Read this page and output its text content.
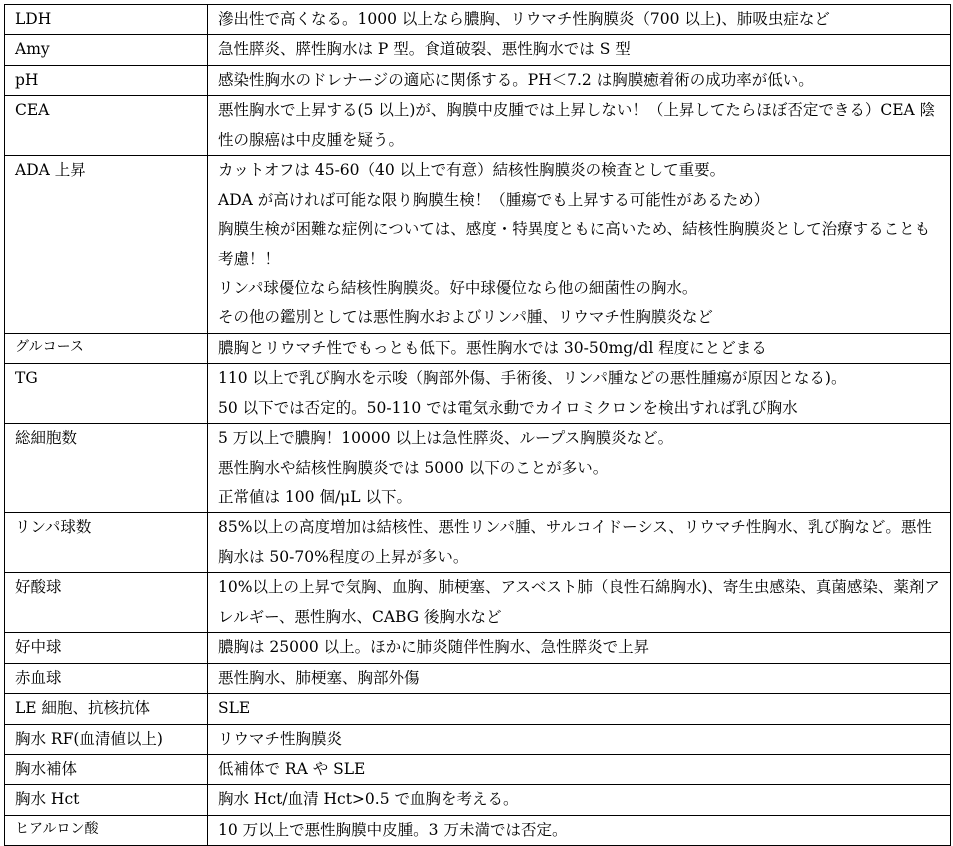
LDH	滲出性で高くなる。1000 以上なら膿胸、リウマチ性胸膜炎（700 以上)、肺吸虫症など

Amy	急性膵炎、膵性胸水は P 型。食道破裂、悪性胸水では S 型

pH	感染性胸水のドレナージの適応に関係する。PH＜7.2 は胸膜癒着術の成功率が低い。

CEA	悪性胸水で上昇する(5 以上)が、胸膜中皮腫では上昇しない！（上昇してたらほぼ否定できる）CEA 陰性の腺癌は中皮腫を疑う。

ADA 上昇	カットオフは 45-60（40 以上で有意）結核性胸膜炎の検査として重要。
ADA が高ければ可能な限り胸膜生検！（腫瘍でも上昇する可能性があるため）
胸膜生検が困難な症例については、感度・特異度ともに高いため、結核性胸膜炎として治療することも考慮！！
リンパ球優位なら結核性胸膜炎。好中球優位なら他の細菌性の胸水。
その他の鑑別としては悪性胸水およびリンパ腫、リウマチ性胸膜炎など

グルコース	膿胸とリウマチ性でもっとも低下。悪性胸水では 30-50mg/dl 程度にとどまる

TG	110 以上で乳び胸水を示唆（胸部外傷、手術後、リンパ腫などの悪性腫瘍が原因となる)。
50 以下では否定的。50-110 では電気永動でカイロミクロンを検出すれば乳び胸水

総細胞数	5 万以上で膿胸！10000 以上は急性膵炎、ループス胸膜炎など。
悪性胸水や結核性胸膜炎では 5000 以下のことが多い。
正常値は 100 個/μL 以下。

リンパ球数	85%以上の高度増加は結核性、悪性リンパ腫、サルコイドーシス、リウマチ性胸水、乳び胸など。悪性胸水は 50-70%程度の上昇が多い。

好酸球	10%以上の上昇で気胸、血胸、肺梗塞、アスベスト肺（良性石綿胸水)、寄生虫感染、真菌感染、薬剤アレルギー、悪性胸水、CABG 後胸水など

好中球	膿胸は 25000 以上。ほかに肺炎随伴性胸水、急性膵炎で上昇

赤血球	悪性胸水、肺梗塞、胸部外傷

LE 細胞、抗核抗体	SLE

胸水 RF(血清値以上)	リウマチ性胸膜炎

胸水補体	低補体で RA や SLE

胸水 Hct	胸水 Hct/血清 Hct>0.5 で血胸を考える。

ヒアルロン酸	10 万以上で悪性胸膜中皮腫。3 万未満では否定。
